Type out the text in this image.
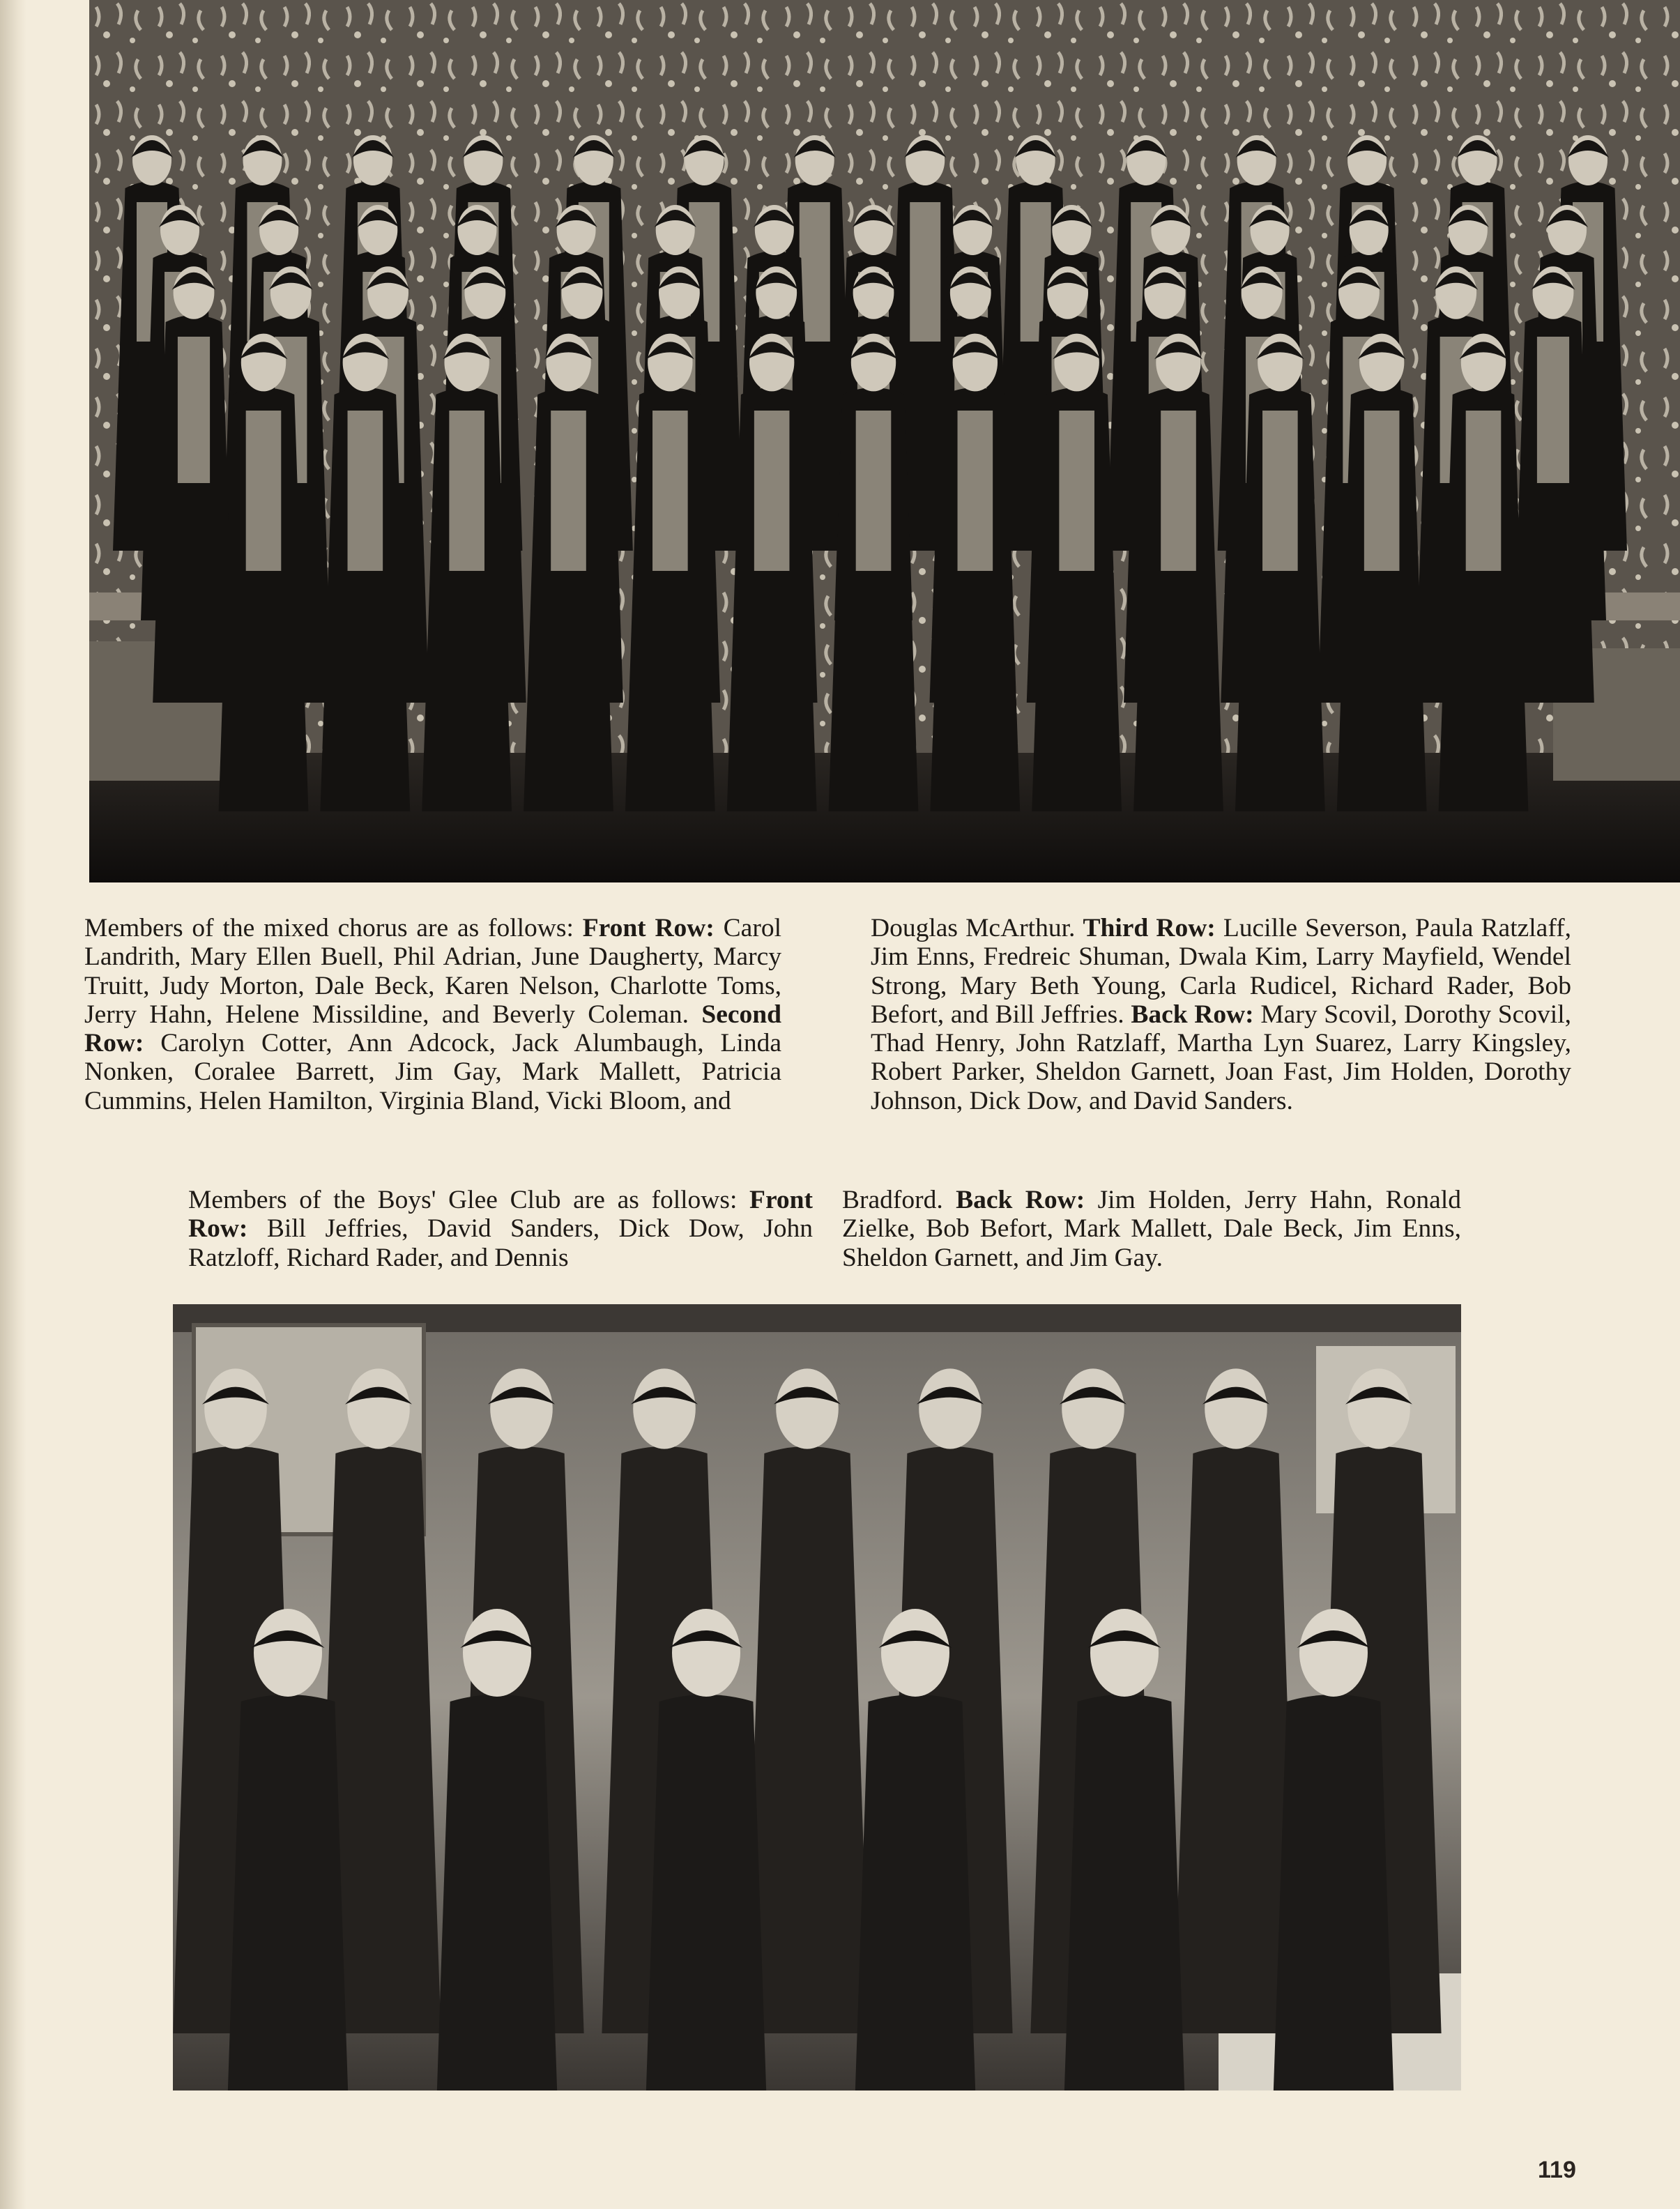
Members of the mixed chorus are as follows: Front Row: Carol Landrith, Mary Ellen Buell, Phil Adrian, June Daugherty, Marcy Truitt, Judy Morton, Dale Beck, Karen Nelson, Charlotte Toms, Jerry Hahn, Helene Missildine, and Beverly Coleman. Second Row: Carolyn Cotter, Ann Adcock, Jack Alumbaugh, Linda Nonken, Coralee Barrett, Jim Gay, Mark Mallett, Patricia Cummins, Helen Hamilton, Virginia Bland, Vicki Bloom, and

Douglas McArthur. Third Row: Lucille Severson, Paula Ratzlaff, Jim Enns, Fredreic Shuman, Dwala Kim, Larry Mayfield, Wendel Strong, Mary Beth Young, Carla Rudicel, Richard Rader, Bob Befort, and Bill Jeffries. Back Row: Mary Scovil, Dorothy Scovil, Thad Henry, John Ratzlaff, Martha Lyn Suarez, Larry Kingsley, Robert Parker, Sheldon Garnett, Joan Fast, Jim Holden, Dorothy Johnson, Dick Dow, and David Sanders.

Members of the Boys' Glee Club are as follows: Front Row: Bill Jeffries, David Sanders, Dick Dow, John Ratzloff, Richard Rader, and Dennis

Bradford. Back Row: Jim Holden, Jerry Hahn, Ronald Zielke, Bob Befort, Mark Mallett, Dale Beck, Jim Enns, Sheldon Garnett, and Jim Gay.

119
